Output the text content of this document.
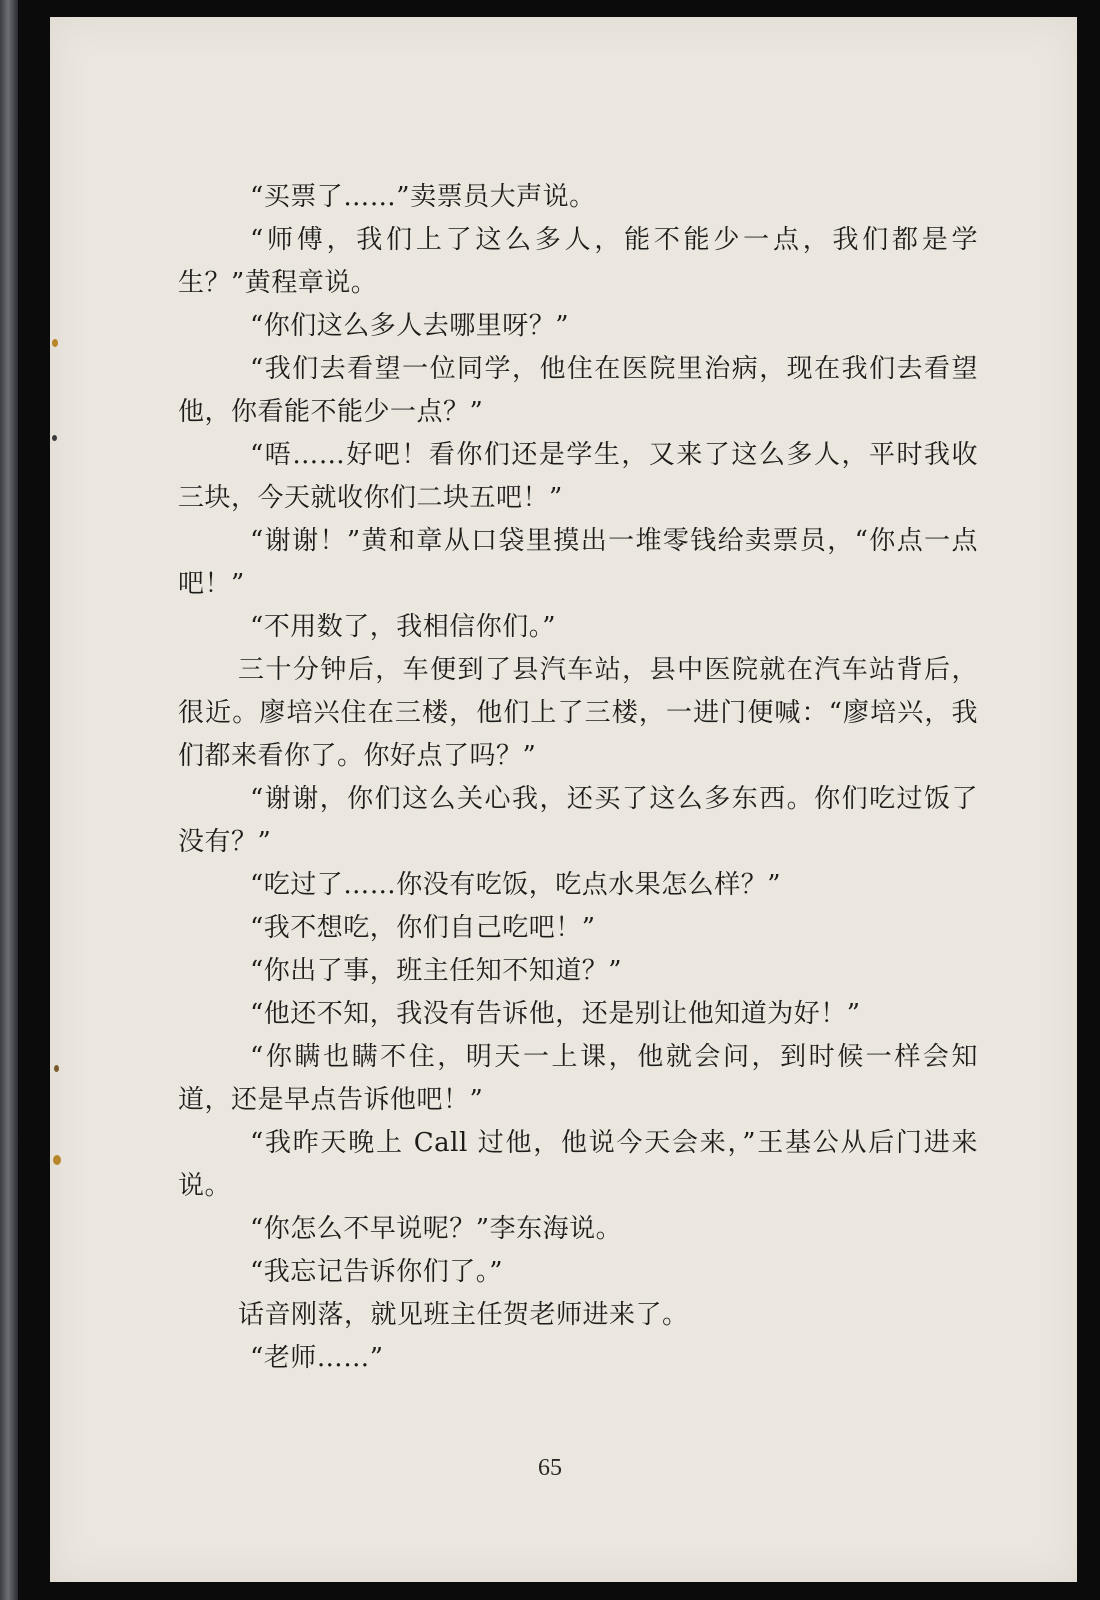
“买票了……”卖票员大声说。

“师傅，我们上了这么多人，能不能少一点，我们都是学生？”黄程章说。

“你们这么多人去哪里呀？”

“我们去看望一位同学，他住在医院里治病，现在我们去看望他，你看能不能少一点？”

“唔……好吧！看你们还是学生，又来了这么多人，平时我收三块，今天就收你们二块五吧！”

“谢谢！”黄和章从口袋里摸出一堆零钱给卖票员，“你点一点吧！”

“不用数了，我相信你们。”

三十分钟后，车便到了县汽车站，县中医院就在汽车站背后，很近。廖培兴住在三楼，他们上了三楼，一进门便喊：“廖培兴，我们都来看你了。你好点了吗？”

“谢谢，你们这么关心我，还买了这么多东西。你们吃过饭了没有？”

“吃过了……你没有吃饭，吃点水果怎么样？”

“我不想吃，你们自己吃吧！”

“你出了事，班主任知不知道？”

“他还不知，我没有告诉他，还是别让他知道为好！”

“你瞒也瞒不住，明天一上课，他就会问，到时候一样会知道，还是早点告诉他吧！”

“我昨天晚上 Call 过他，他说今天会来，”王基公从后门进来说。

“你怎么不早说呢？”李东海说。

“我忘记告诉你们了。”

话音刚落，就见班主任贺老师进来了。

“老师……”

65
